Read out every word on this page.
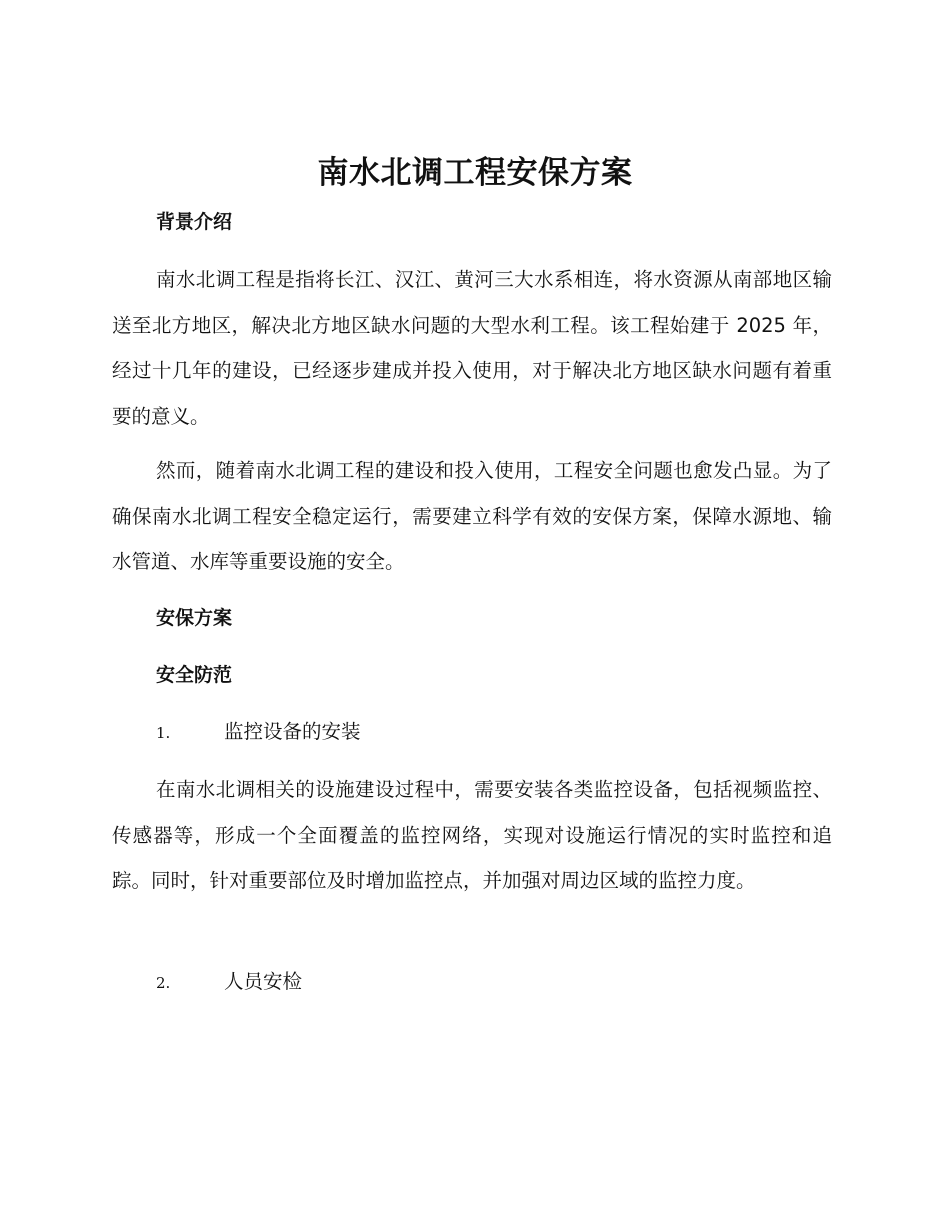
南水北调工程安保方案
背景介绍
南水北调工程是指将长江、汉江、黄河三大水系相连，将水资源从南部地区输送至北方地区，解决北方地区缺水问题的大型水利工程。该工程始建于 2025 年，经过十几年的建设，已经逐步建成并投入使用，对于解决北方地区缺水问题有着重要的意义。
然而，随着南水北调工程的建设和投入使用，工程安全问题也愈发凸显。为了确保南水北调工程安全稳定运行，需要建立科学有效的安保方案，保障水源地、输水管道、水库等重要设施的安全。
安保方案
安全防范
1.	监控设备的安装
在南水北调相关的设施建设过程中，需要安装各类监控设备，包括视频监控、传感器等，形成一个全面覆盖的监控网络，实现对设施运行情况的实时监控和追踪。同时，针对重要部位及时增加监控点，并加强对周边区域的监控力度。
2.	人员安检
